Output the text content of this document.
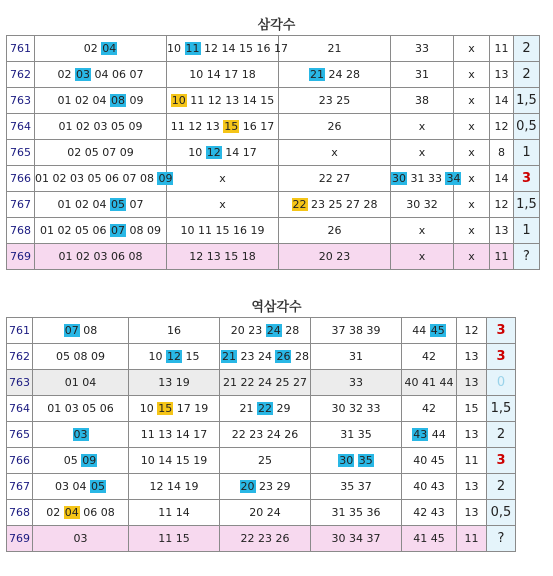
삼각수
761	02 04	10 11 12 14 15 16 17	21	33	x	11	2
762	02 03 04 06 07	10 14 17 18	21 24 28	31	x	13	2
763	01 02 04 08 09	10 11 12 13 14 15	23 25	38	x	14	1,5
764	01 02 03 05 09	11 12 13 15 16 17	26	x	x	12	0,5
765	02 05 07 09	10 12 14 17	x	x	x	8	1
766	01 02 03 05 06 07 08 09	x	22 27	30 31 33 34	x	14	3
767	01 02 04 05 07	x	22 23 25 27 28	30 32	x	12	1,5
768	01 02 05 06 07 08 09	10 11 15 16 19	26	x	x	13	1
769	01 02 03 06 08	12 13 15 18	20 23	x	x	11	?
역삼각수
761	07 08	16	20 23 24 28	37 38 39	44 45	12	3
762	05 08 09	10 12 15	21 23 24 26 28	31	42	13	3
763	01 04	13 19	21 22 24 25 27	33	40 41 44	13	0
764	01 03 05 06	10 15 17 19	21 22 29	30 32 33	42	15	1,5
765	03	11 13 14 17	22 23 24 26	31 35	43 44	13	2
766	05 09	10 14 15 19	25	30 35	40 45	11	3
767	03 04 05	12 14 19	20 23 29	35 37	40 43	13	2
768	02 04 06 08	11 14	20 24	31 35 36	42 43	13	0,5
769	03	11 15	22 23 26	30 34 37	41 45	11	?
